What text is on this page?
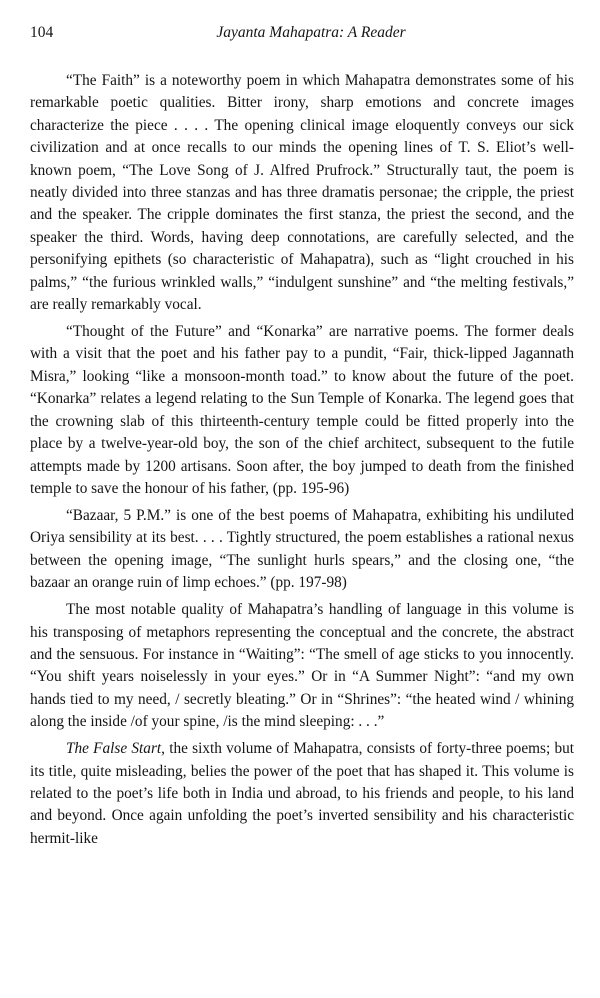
104	Jayanta Mahapatra: A Reader

“The Faith” is a noteworthy poem in which Mahapatra demonstrates some of his remarkable poetic qualities. Bitter irony, sharp emotions and concrete images characterize the piece . . . . The opening clinical image eloquently conveys our sick civilization and at once recalls to our minds the opening lines of T. S. Eliot’s well-known poem, “The Love Song of J. Alfred Prufrock.” Structurally taut, the poem is neatly divided into three stanzas and has three dramatis personae; the cripple, the priest and the speaker. The cripple dominates the first stanza, the priest the second, and the speaker the third. Words, having deep connotations, are carefully selected, and the personifying epithets (so characteristic of Mahapatra), such as “light crouched in his palms,” “the furious wrinkled walls,” “indulgent sunshine” and “the melting festivals,” are really remarkably vocal.

“Thought of the Future” and “Konarka” are narrative poems. The former deals with a visit that the poet and his father pay to a pundit, “Fair, thick-lipped Jagannath Misra,” looking “like a monsoon-month toad.” to know about the future of the poet. “Konarka” relates a legend relating to the Sun Temple of Konarka. The legend goes that the crowning slab of this thirteenth-century temple could be fitted properly into the place by a twelve-year-old boy, the son of the chief architect, subsequent to the futile attempts made by 1200 artisans. Soon after, the boy jumped to death from the finished temple to save the honour of his father, (pp. 195-96)

“Bazaar, 5 P.M.” is one of the best poems of Mahapatra, exhibiting his undiluted Oriya sensibility at its best. . . . Tightly structured, the poem establishes a rational nexus between the opening image, “The sunlight hurls spears,” and the closing one, “the bazaar an orange ruin of limp echoes.” (pp. 197-98)

The most notable quality of Mahapatra’s handling of language in this volume is his transposing of metaphors representing the conceptual and the concrete, the abstract and the sensuous. For instance in “Waiting”: “The smell of age sticks to you innocently. “You shift years noiselessly in your eyes.” Or in “A Summer Night”: “and my own hands tied to my need, / secretly bleating.” Or in “Shrines”: “the heated wind / whining along the inside /of your spine, /is the mind sleeping: . . .”

The False Start, the sixth volume of Mahapatra, consists of forty-three poems; but its title, quite misleading, belies the power of the poet that has shaped it. This volume is related to the poet’s life both in India und abroad, to his friends and people, to his land and beyond. Once again unfolding the poet’s inverted sensibility and his characteristic hermit-like
